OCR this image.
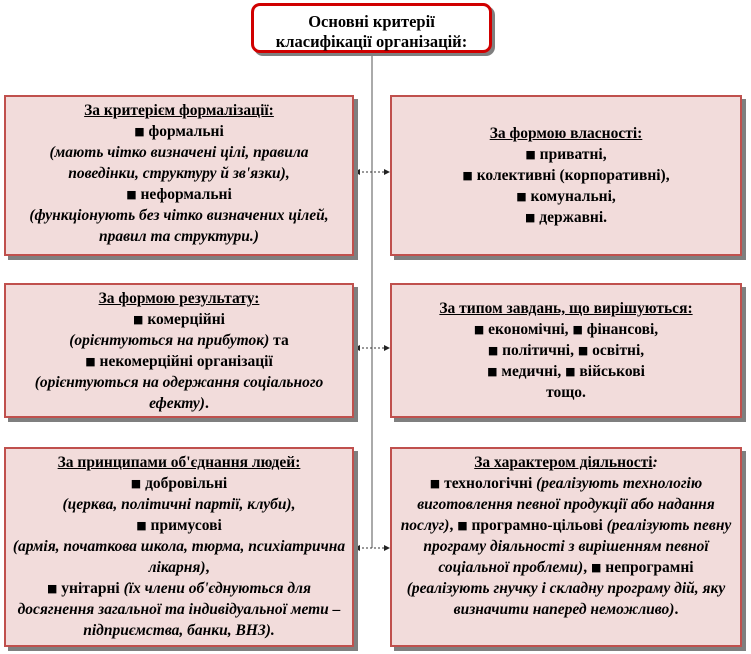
Основні критерії
класифікації організацій:
За критерієм формалізації:
■ формальні
(мають чітко визначені цілі, правила поведінки, структуру й зв'язки),
■ неформальні
(функціонують без чітко визначених цілей, правил та структури.)
За формою власності:
■ приватні,
■ колективні (корпоративні),
■ комунальні,
■ державні.
За формою результату:
■ комерційні
(орієнтуються на прибуток) та
■ некомерційні організації
(орієнтуються на одержання соціального ефекту).
За типом завдань, що вирішуються:
■ економічні, ■ фінансові,
■ політичні, ■ освітні,
■ медичні, ■ військові
тощо.
За принципами об'єднання людей:
■ добровільні
(церква, політичні партії, клуби),
■ примусові
(армія, початкова школа, тюрма, психіатрична лікарня),
■ унітарні (їх члени об'єднуються для досягнення загальної та індивідуальної мети – підприємства, банки, ВНЗ).
За характером діяльності:
■ технологічні (реалізують технологію виготовлення певної продукції або надання послуг), ■ програмно-цільові (реалізують певну програму діяльності з вирішенням певної соціальної проблеми), ■ непрограмні (реалізують гнучку і складну програму дій, яку визначити наперед неможливо).
